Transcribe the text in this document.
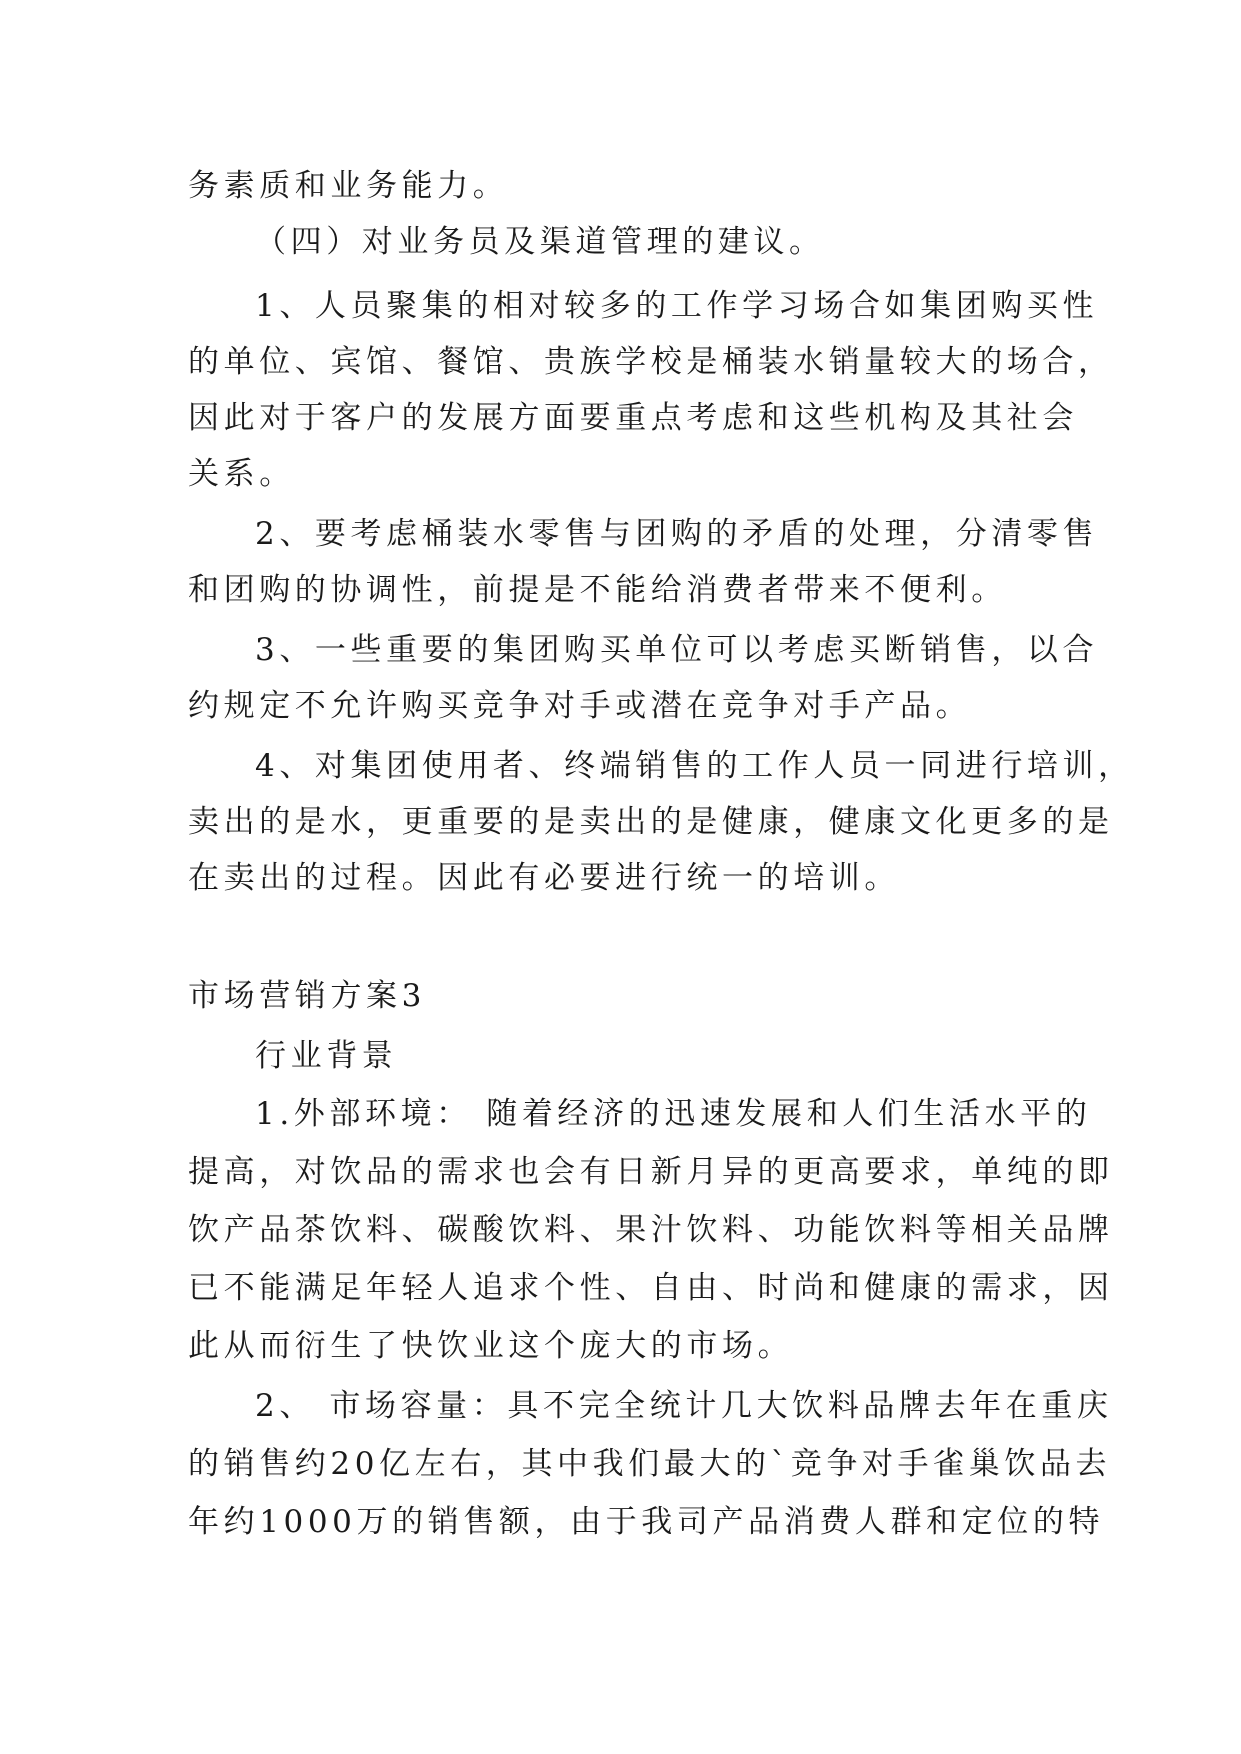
务素质和业务能力。
（四）对业务员及渠道管理的建议。
1、人员聚集的相对较多的工作学习场合如集团购买性
的单位、宾馆、餐馆、贵族学校是桶装水销量较大的场合，
因此对于客户的发展方面要重点考虑和这些机构及其社会
关系。
2、要考虑桶装水零售与团购的矛盾的处理，分清零售
和团购的协调性，前提是不能给消费者带来不便利。
3、一些重要的集团购买单位可以考虑买断销售，以合
约规定不允许购买竞争对手或潜在竞争对手产品。
4、对集团使用者、终端销售的工作人员一同进行培训，
卖出的是水，更重要的是卖出的是健康，健康文化更多的是
在卖出的过程。因此有必要进行统一的培训。
市场营销方案3
行业背景
1.外部环境： 随着经济的迅速发展和人们生活水平的
提高，对饮品的需求也会有日新月异的更高要求，单纯的即
饮产品茶饮料、碳酸饮料、果汁饮料、功能饮料等相关品牌
已不能满足年轻人追求个性、自由、时尚和健康的需求，因
此从而衍生了快饮业这个庞大的市场。
2、 市场容量：具不完全统计几大饮料品牌去年在重庆
的销售约20亿左右，其中我们最大的`竞争对手雀巢饮品去
年约1000万的销售额，由于我司产品消费人群和定位的特
